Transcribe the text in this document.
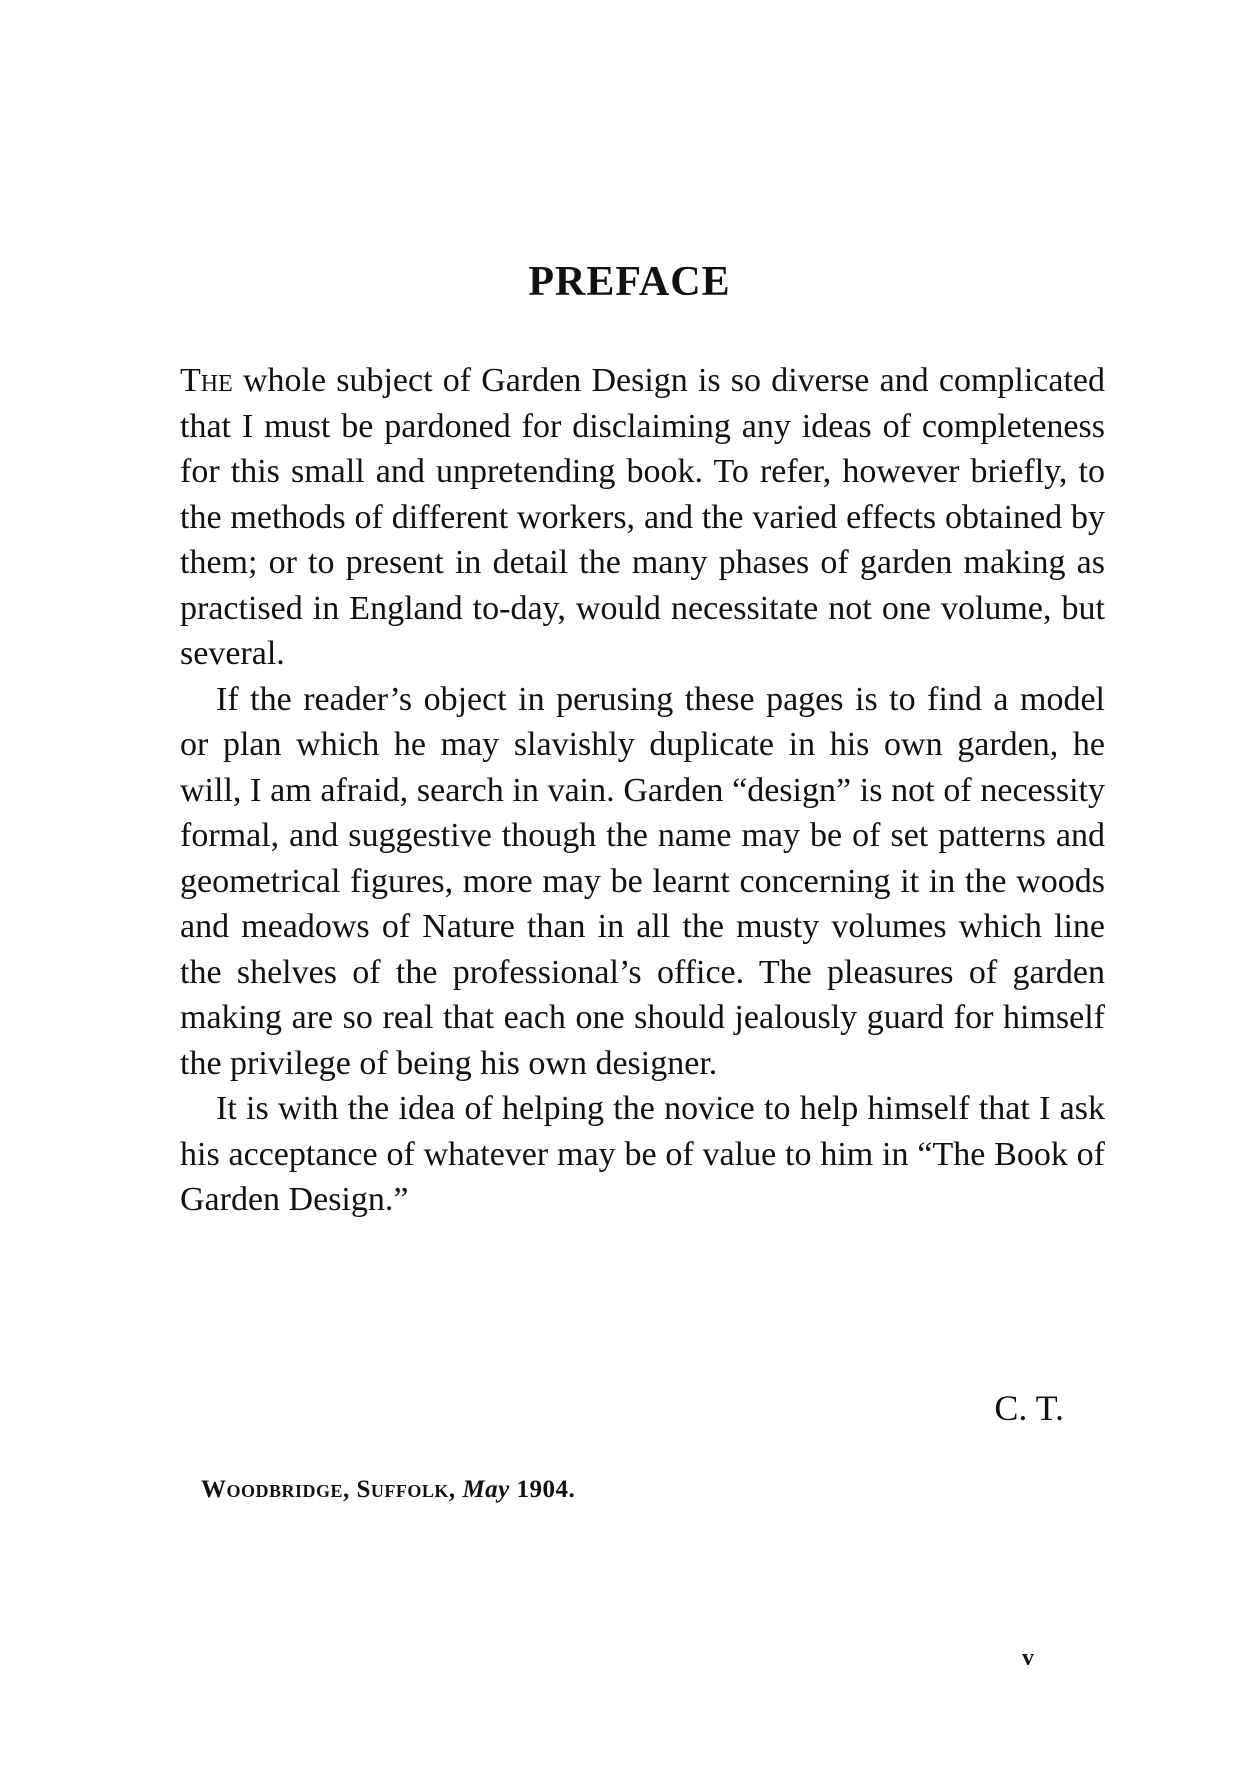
PREFACE

The whole subject of Garden Design is so diverse and complicated that I must be pardoned for disclaiming any ideas of completeness for this small and unpretending book. To refer, however briefly, to the methods of different workers, and the varied effects obtained by them; or to present in detail the many phases of garden making as practised in England to-day, would necessitate not one volume, but several.

If the reader’s object in perusing these pages is to find a model or plan which he may slavishly duplicate in his own garden, he will, I am afraid, search in vain. Garden “design” is not of necessity formal, and suggestive though the name may be of set patterns and geometrical figures, more may be learnt concerning it in the woods and meadows of Nature than in all the musty volumes which line the shelves of the professional’s office. The pleasures of garden making are so real that each one should jealously guard for himself the privilege of being his own designer.

It is with the idea of helping the novice to help himself that I ask his acceptance of whatever may be of value to him in “The Book of Garden Design.”

C. T.

Woodbridge, Suffolk, May 1904.

v
